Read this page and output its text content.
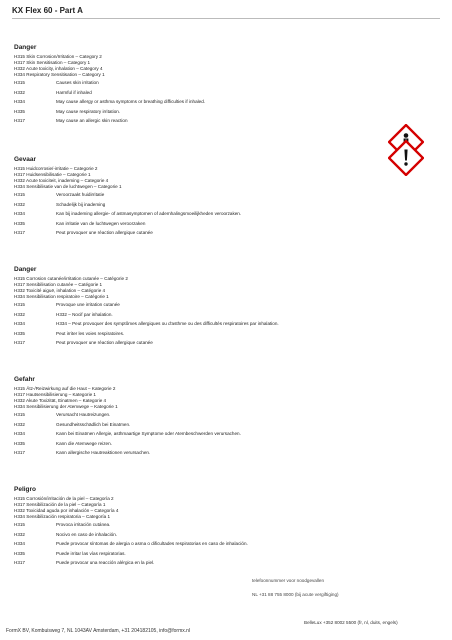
KX Flex 60 - Part A
Danger
H315 Skin Corrosion/Irritation – Category 2
H317 Skin Sensitisation – Category 1
H332 Acute toxicity, inhalation – Category 4
H334 Respiratory Sensitisation – Category 1
H315	Causes skin irritation
H332	Harmful if inhaled
H334	May cause allergy or asthma symptoms or breathing difficulties if inhaled.
H335	May cause respiratory irritation.
H317	May cause an allergic skin reaction
Gevaar
H315 Huidcorrosie/-irritatie – Categorie 2
H317 Huidsensibilisatie – Categorie 1
H332 Acute toxiciteit, inademing – Categorie 4
H334 Sensibilisatie van de luchtwegen – Categorie 1
H315	Veroorzaakt huidirritatie
H332	Schadelijk bij inademing
H334	Kan bij inademing allergie- of astmasymptomen of ademhalingsmoeilijkheden veroorzaken.
H335	Kan irritatie van de luchtwegen veroorzaken
H317	Peut provoquer une réaction allergique cutanée
Danger
H315 Corrosion cutanée/irritation cutanée – Catégorie 2
H317 Sensibilisation cutanée – Catégorie 1
H332 Toxicité aiguë, inhalation – Catégorie 4
H334 Sensibilisation respiratoire – Catégorie 1
H315	Provoque une irritation cutanée
H332	H332 – Nocif par inhalation.
H334	H334 – Peut provoquer des symptômes allergiques ou d'asthme ou des difficultés respiratoires par inhalation.
H335	Peut irriter les voies respiratoires.
H317	Peut provoquer une réaction allergique cutanée
Gefahr
H315 Ätz-/Reizwirkung auf die Haut – Kategorie 2
H317 Hautsensibilisierung – Kategorie 1
H332 Akute Toxizität, Einatmen – Kategorie 4
H334 Sensibilisierung der Atemwege – Kategorie 1
H315	Verursacht Hautreizungen.
H332	Gesundheitsschädlich bei Einatmen.
H334	Kann bei Einatmen Allergie, asthmaartige Symptome oder Atembeschwerden verursachen.
H335	Kann die Atemwege reizen.
H317	Kann allergische Hautreaktionen verursachen.
Peligro
H315 Corrosión/irritación de la piel – Categoría 2
H317 Sensibilización de la piel – Categoría 1
H332 Toxicidad aguda por inhalación – Categoría 4
H334 Sensibilización respiratoria – Categoría 1
H315	Provoca irritación cutánea.
H332	Nocivo en caso de inhalación.
H334	Puede provocar síntomas de alergia o asma o dificultades respiratorias en caso de inhalación.
H335	Puede irritar las vías respiratorias.
H317	Puede provocar una reacción alérgica en la piel.
telefoonnummer voor noodgevallen
NL +31 88 755 8000 (bij acute vergiftiging)
BelleLux +352 8002 5500 (fr, nl, duits, engels)
FormX BV, Kombuisweg 7, NL 1043AV Amsterdam, +31 204182105, info@formx.nl
